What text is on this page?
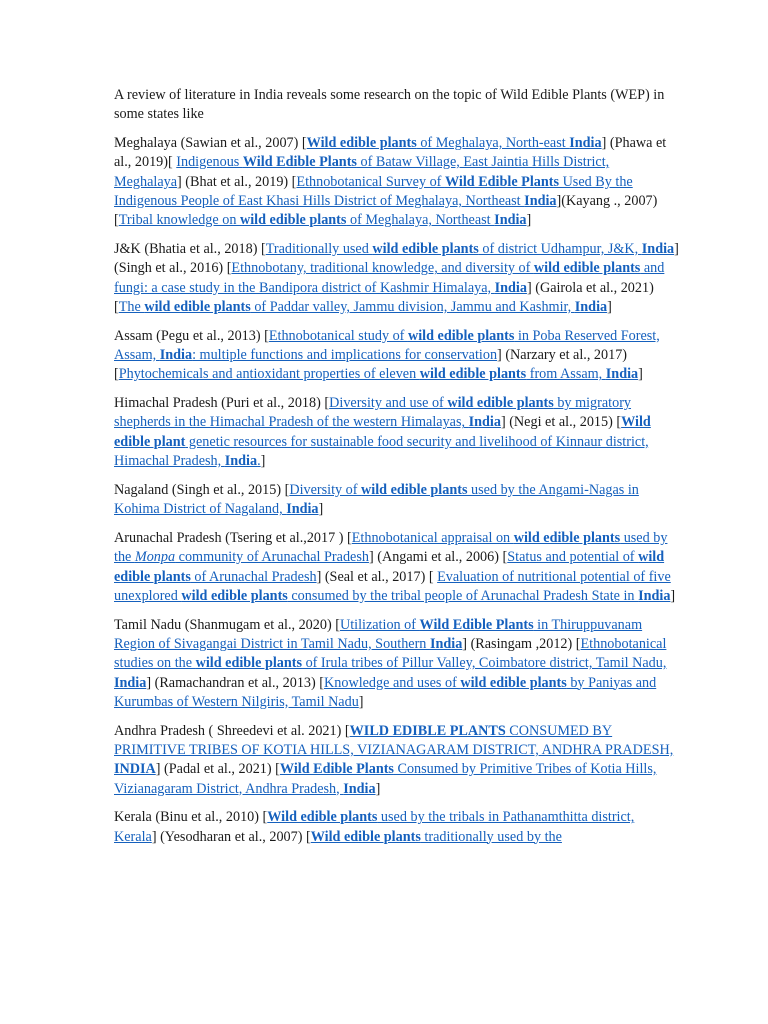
A review of literature in India reveals some research on the topic of Wild Edible Plants (WEP) in some states like

Meghalaya (Sawian et al., 2007) [Wild edible plants of Meghalaya, North-east India] (Phawa et al., 2019)[ Indigenous Wild Edible Plants of Bataw Village, East Jaintia Hills District, Meghalaya] (Bhat et al., 2019) [Ethnobotanical Survey of Wild Edible Plants Used By the Indigenous People of East Khasi Hills District of Meghalaya, Northeast India](Kayang ., 2007) [Tribal knowledge on wild edible plants of Meghalaya, Northeast India]

J&K (Bhatia et al., 2018) [Traditionally used wild edible plants of district Udhampur, J&K, India] (Singh et al., 2016) [Ethnobotany, traditional knowledge, and diversity of wild edible plants and fungi: a case study in the Bandipora district of Kashmir Himalaya, India] (Gairola et al., 2021) [The wild edible plants of Paddar valley, Jammu division, Jammu and Kashmir, India]

Assam (Pegu et al., 2013) [Ethnobotanical study of wild edible plants in Poba Reserved Forest, Assam, India: multiple functions and implications for conservation] (Narzary et al., 2017) [Phytochemicals and antioxidant properties of eleven wild edible plants from Assam, India]

Himachal Pradesh (Puri et al., 2018) [Diversity and use of wild edible plants by migratory shepherds in the Himachal Pradesh of the western Himalayas, India] (Negi et al., 2015) [Wild edible plant genetic resources for sustainable food security and livelihood of Kinnaur district, Himachal Pradesh, India.]

Nagaland (Singh et al., 2015) [Diversity of wild edible plants used by the Angami-Nagas in Kohima District of Nagaland, India]

Arunachal Pradesh (Tsering et al.,2017 ) [Ethnobotanical appraisal on wild edible plants used by the Monpa community of Arunachal Pradesh] (Angami et al., 2006) [Status and potential of wild edible plants of Arunachal Pradesh] (Seal et al., 2017) [ Evaluation of nutritional potential of five unexplored wild edible plants consumed by the tribal people of Arunachal Pradesh State in India]

Tamil Nadu (Shanmugam et al., 2020) [Utilization of Wild Edible Plants in Thiruppuvanam Region of Sivagangai District in Tamil Nadu, Southern India] (Rasingam ,2012) [Ethnobotanical studies on the wild edible plants of Irula tribes of Pillur Valley, Coimbatore district, Tamil Nadu, India] (Ramachandran et al., 2013) [Knowledge and uses of wild edible plants by Paniyas and Kurumbas of Western Nilgiris, Tamil Nadu]

Andhra Pradesh ( Shreedevi et al. 2021) [WILD EDIBLE PLANTS CONSUMED BY PRIMITIVE TRIBES OF KOTIA HILLS, VIZIANAGARAM DISTRICT, ANDHRA PRADESH, INDIA] (Padal et al., 2021) [Wild Edible Plants Consumed by Primitive Tribes of Kotia Hills, Vizianagaram District, Andhra Pradesh, India]

Kerala (Binu et al., 2010) [Wild edible plants used by the tribals in Pathanamthitta district, Kerala] (Yesodharan et al., 2007) [Wild edible plants traditionally used by the
